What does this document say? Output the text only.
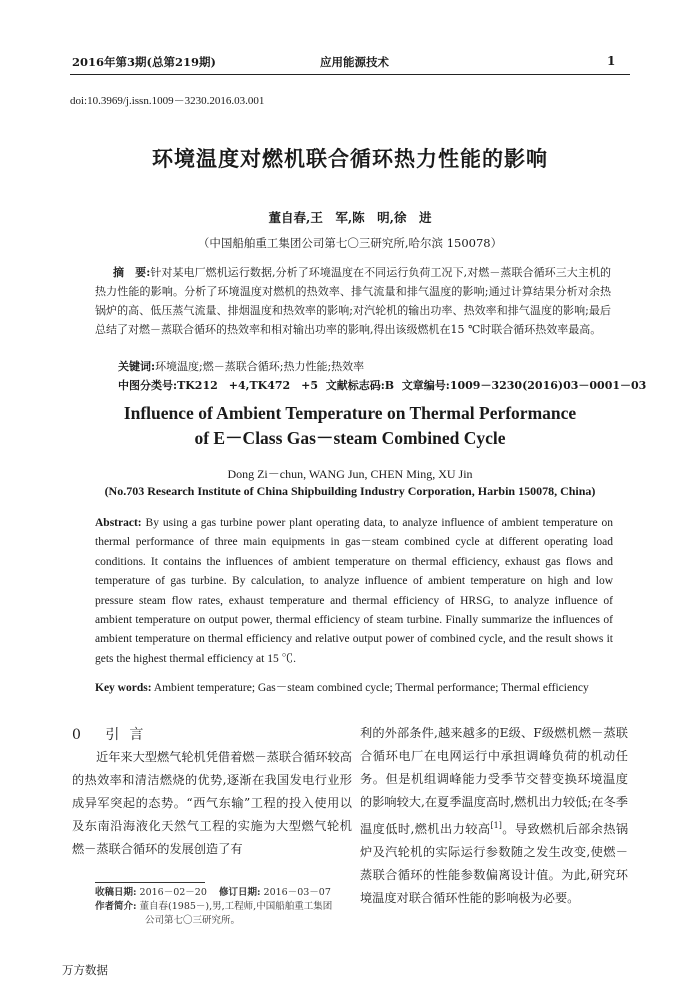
2016年第3期(总第219期)	应用能源技术	1
doi:10.3969/j.issn.1009－3230.2016.03.001
环境温度对燃机联合循环热力性能的影响
董自春,王　军,陈　明,徐　进
（中国船舶重工集团公司第七〇三研究所,哈尔滨 150078）
摘　要:针对某电厂燃机运行数据,分析了环境温度在不同运行负荷工况下,对燃－蒸联合循环三大主机的热力性能的影响。分析了环境温度对燃机的热效率、排气流量和排气温度的影响;通过计算结果分析对余热锅炉的高、低压蒸气流量、排烟温度和热效率的影响;对汽轮机的输出功率、热效率和排气温度的影响;最后总结了对燃－蒸联合循环的热效率和相对输出功率的影响,得出该级燃机在15 ℃时联合循环热效率最高。
关键词:环境温度;燃－蒸联合循环;热力性能;热效率
中图分类号:TK212　+4,TK472　+5 文献标志码:B 文章编号:1009－3230(2016)03－0001－03
Influence of Ambient Temperature on Thermal Performance
of E－Class Gas－steam Combined Cycle
Dong Zi－chun, WANG Jun, CHEN Ming, XU Jin
(No.703 Research Institute of China Shipbuilding Industry Corporation, Harbin 150078, China)
Abstract: By using a gas turbine power plant operating data, to analyze influence of ambient temperature on thermal performance of three main equipments in gas－steam combined cycle at different operating load conditions. It contains the influences of ambient temperature on thermal efficiency, exhaust gas flows and temperature of gas turbine. By calculation, to analyze influence of ambient temperature on high and low pressure steam flow rates, exhaust temperature and thermal efficiency of HRSG, to analyze influence of ambient temperature on output power, thermal efficiency of steam turbine. Finally summarize the influences of ambient temperature on thermal efficiency and relative output power of combined cycle, and the result shows it gets the highest thermal efficiency at 15 ℃.
Key words: Ambient temperature; Gas－steam combined cycle; Thermal performance; Thermal efficiency
0 引言
近年来大型燃气轮机凭借着燃－蒸联合循环较高的热效率和清洁燃烧的优势,逐渐在我国发电行业形成异军突起的态势。“西气东输”工程的投入使用以及东南沿海液化天然气工程的实施为大型燃气轮机燃－蒸联合循环的发展创造了有
利的外部条件,越来越多的E级、F级燃机燃－蒸联合循环电厂在电网运行中承担调峰负荷的机动任务。但是机组调峰能力受季节交替变换环境温度的影响较大,在夏季温度高时,燃机出力较低;在冬季温度低时,燃机出力较高[1]。导致燃机后部余热锅炉及汽轮机的实际运行参数随之发生改变,使燃－蒸联合循环的性能参数偏离设计值。为此,研究环境温度对联合循环性能的影响极为必要。
收稿日期: 2016－02－20 修订日期: 2016－03－07
作者简介: 董自春(1985－),男,工程师,中国船舶重工集团
公司第七〇三研究所。
万方数据
